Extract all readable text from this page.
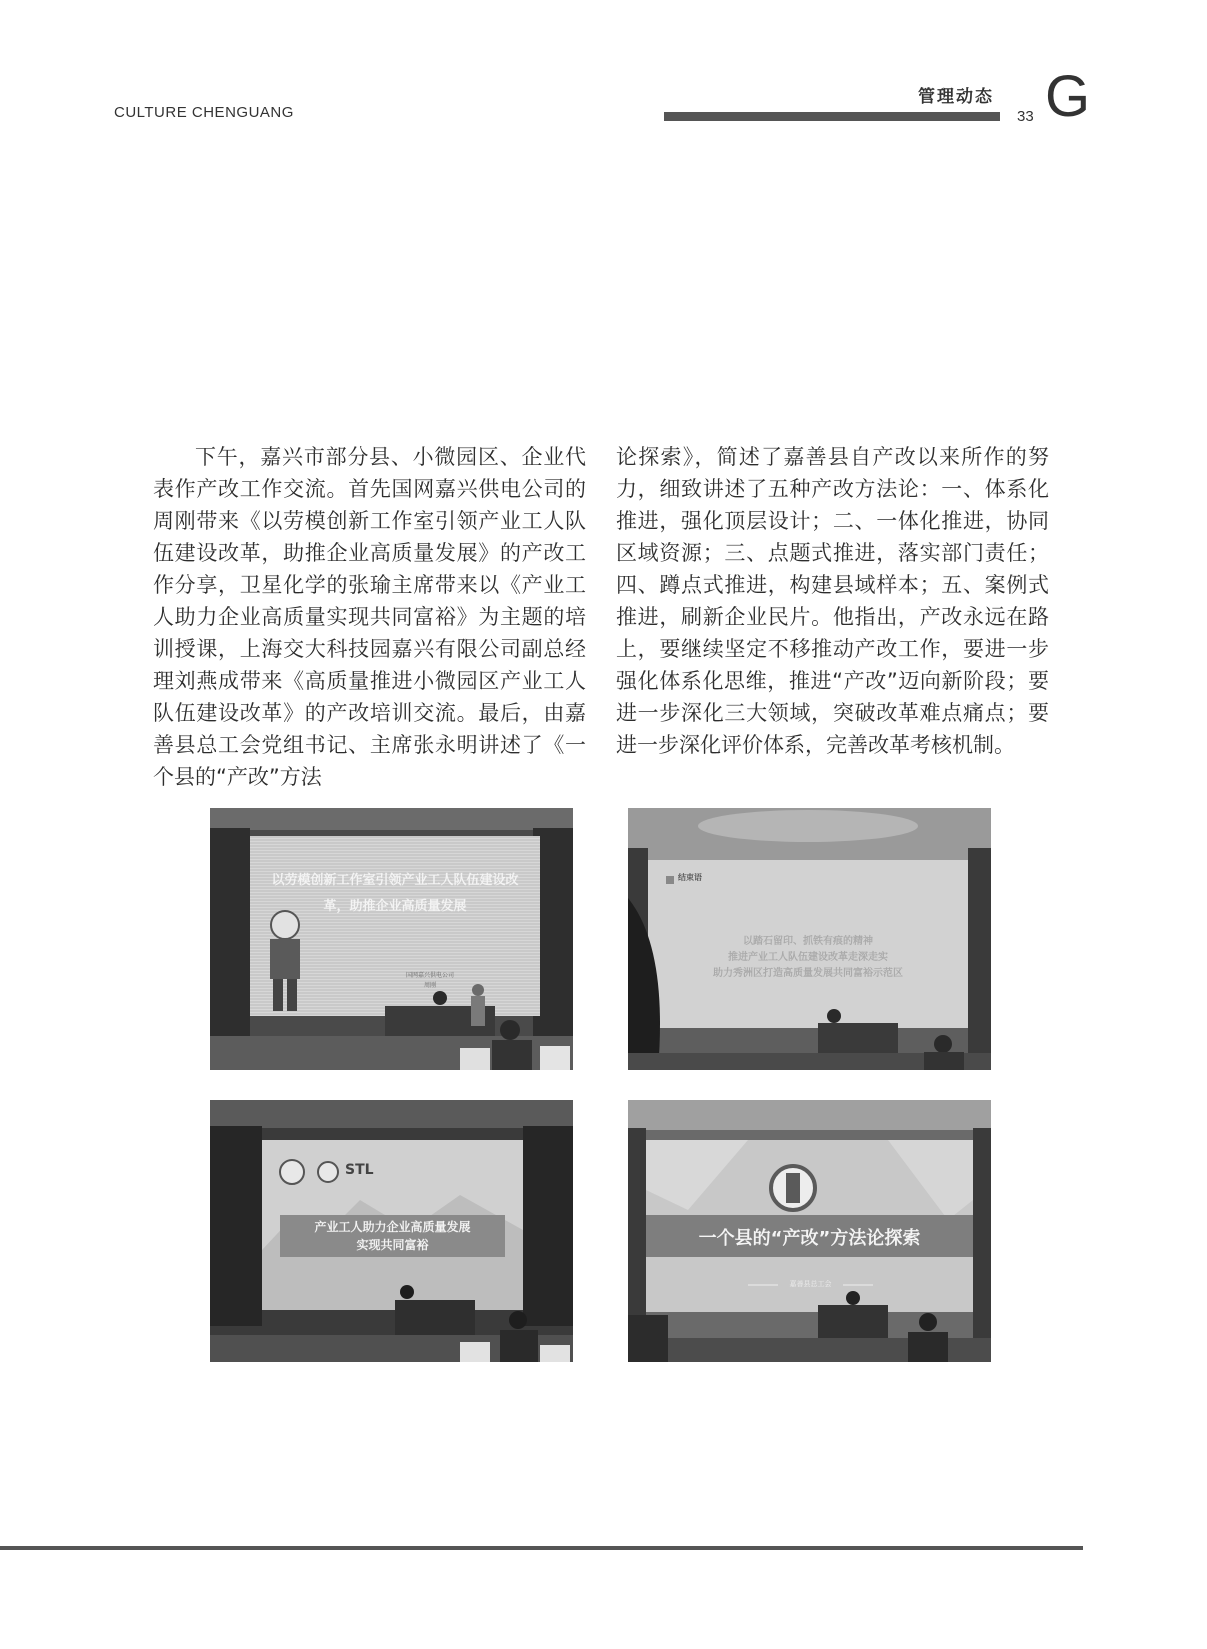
CULTURE CHENGUANG
管理动态
33 G
下午，嘉兴市部分县、小微园区、企业代表作产改工作交流。首先国网嘉兴供电公司的周刚带来《以劳模创新工作室引领产业工人队伍建设改革，助推企业高质量发展》的产改工作分享，卫星化学的张瑜主席带来以《产业工人助力企业高质量实现共同富裕》为主题的培训授课，上海交大科技园嘉兴有限公司副总经理刘燕成带来《高质量推进小微园区产业工人队伍建设改革》的产改培训交流。最后，由嘉善县总工会党组书记、主席张永明讲述了《一个县的“产改”方法
论探索》，简述了嘉善县自产改以来所作的努力，细致讲述了五种产改方法论：一、体系化推进，强化顶层设计；二、一体化推进，协同区域资源；三、点题式推进，落实部门责任；四、蹲点式推进，构建县域样本；五、案例式推进，刷新企业民片。他指出，产改永远在路上，要继续坚定不移推动产改工作，要进一步强化体系化思维，推进“产改”迈向新阶段；要进一步深化三大领域，突破改革难点痛点；要进一步深化评价体系，完善改革考核机制。
以劳模创新工作室引领产业工人队伍建设改革，助推企业高质量发展
国网嘉兴供电公司
周刚
结束语
以踏石留印、抓铁有痕的精神
推进产业工人队伍建设改革走深走实
助力秀洲区打造高质量发展共同富裕示范区
STL
产业工人助力企业高质量发展
实现共同富裕	一个县的“产改”方法论探索
嘉善县总工会
